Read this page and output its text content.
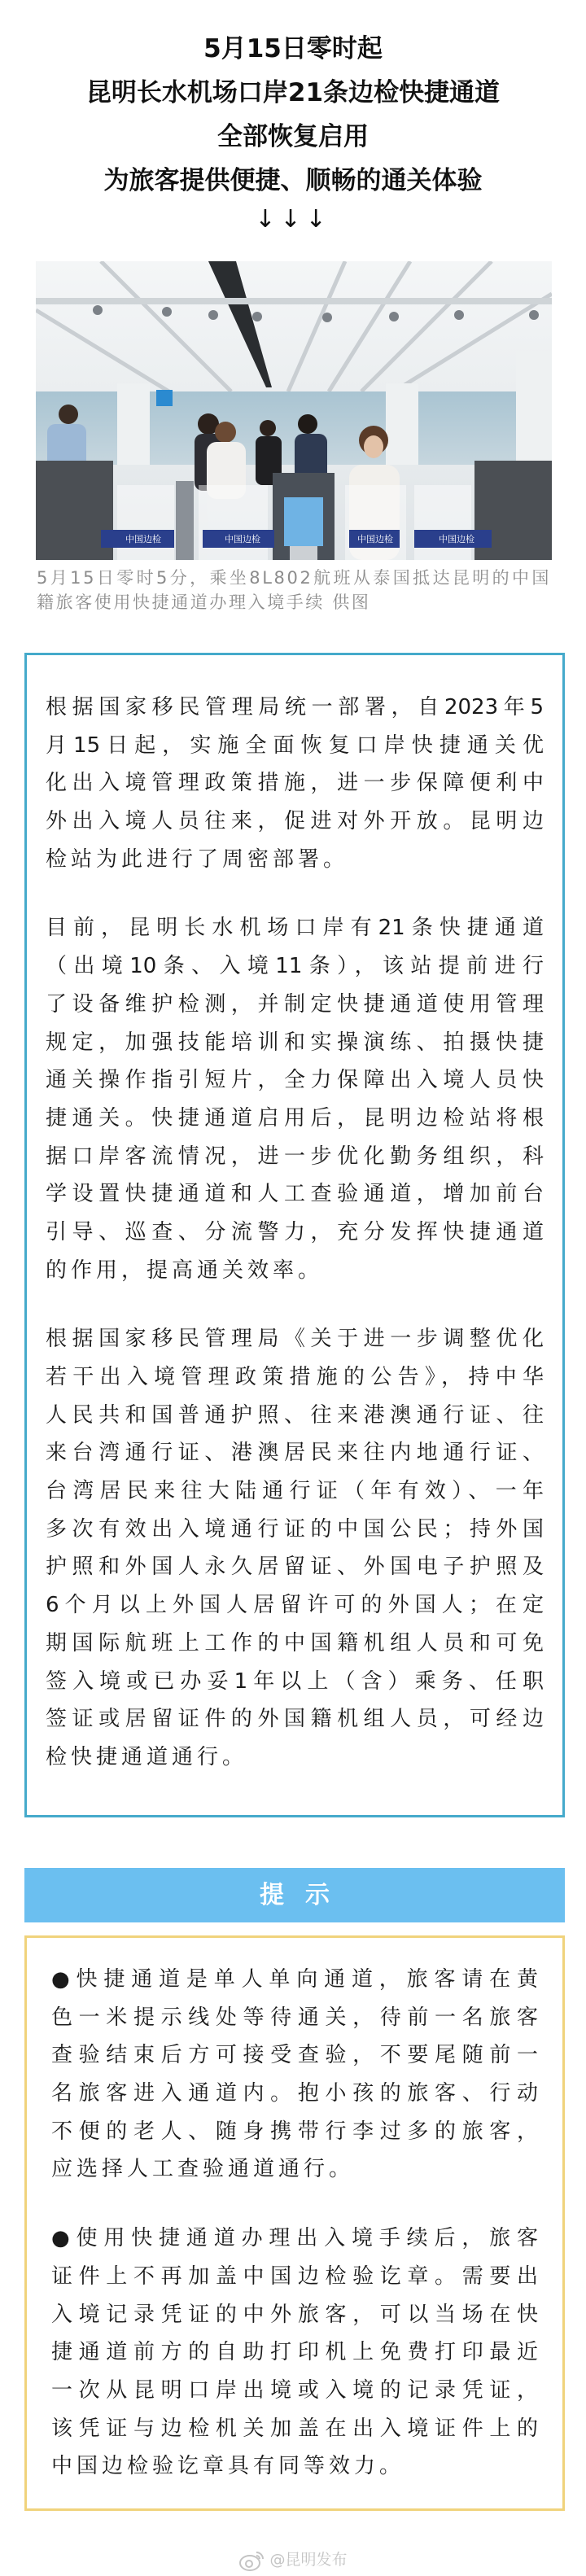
5月15日零时起
昆明长水机场口岸21条边检快捷通道
全部恢复启用
为旅客提供便捷、顺畅的通关体验
↓↓↓
中国边检	中国边检	中国边检	中国边检
5月15日零时5分，乘坐8L802航班从泰国抵达昆明的中国
籍旅客使用快捷通道办理入境手续 供图
根据国家移民管理局统一部署，自2023年5
月15日起，实施全面恢复口岸快捷通关优
化出入境管理政策措施，进一步保障便利中
外出入境人员往来，促进对外开放。昆明边
检站为此进行了周密部署。
目前，昆明长水机场口岸有21条快捷通道
（出境10条、入境11条），该站提前进行
了设备维护检测，并制定快捷通道使用管理
规定，加强技能培训和实操演练、拍摄快捷
通关操作指引短片，全力保障出入境人员快
捷通关。快捷通道启用后，昆明边检站将根
据口岸客流情况，进一步优化勤务组织，科
学设置快捷通道和人工查验通道，增加前台
引导、巡查、分流警力，充分发挥快捷通道
的作用，提高通关效率。
根据国家移民管理局《关于进一步调整优化
若干出入境管理政策措施的公告》，持中华
人民共和国普通护照、往来港澳通行证、往
来台湾通行证、港澳居民来往内地通行证、
台湾居民来往大陆通行证（年有效）、一年
多次有效出入境通行证的中国公民；持外国
护照和外国人永久居留证、外国电子护照及
6个月以上外国人居留许可的外国人；在定
期国际航班上工作的中国籍机组人员和可免
签入境或已办妥1年以上（含）乘务、任职
签证或居留证件的外国籍机组人员，可经边
检快捷通道通行。
提示
●快捷通道是单人单向通道，旅客请在黄
色一米提示线处等待通关，待前一名旅客
查验结束后方可接受查验，不要尾随前一
名旅客进入通道内。抱小孩的旅客、行动
不便的老人、随身携带行李过多的旅客，
应选择人工查验通道通行。
●使用快捷通道办理出入境手续后，旅客
证件上不再加盖中国边检验讫章。需要出
入境记录凭证的中外旅客，可以当场在快
捷通道前方的自助打印机上免费打印最近
一次从昆明口岸出境或入境的记录凭证，
该凭证与边检机关加盖在出入境证件上的
中国边检验讫章具有同等效力。
@昆明发布
